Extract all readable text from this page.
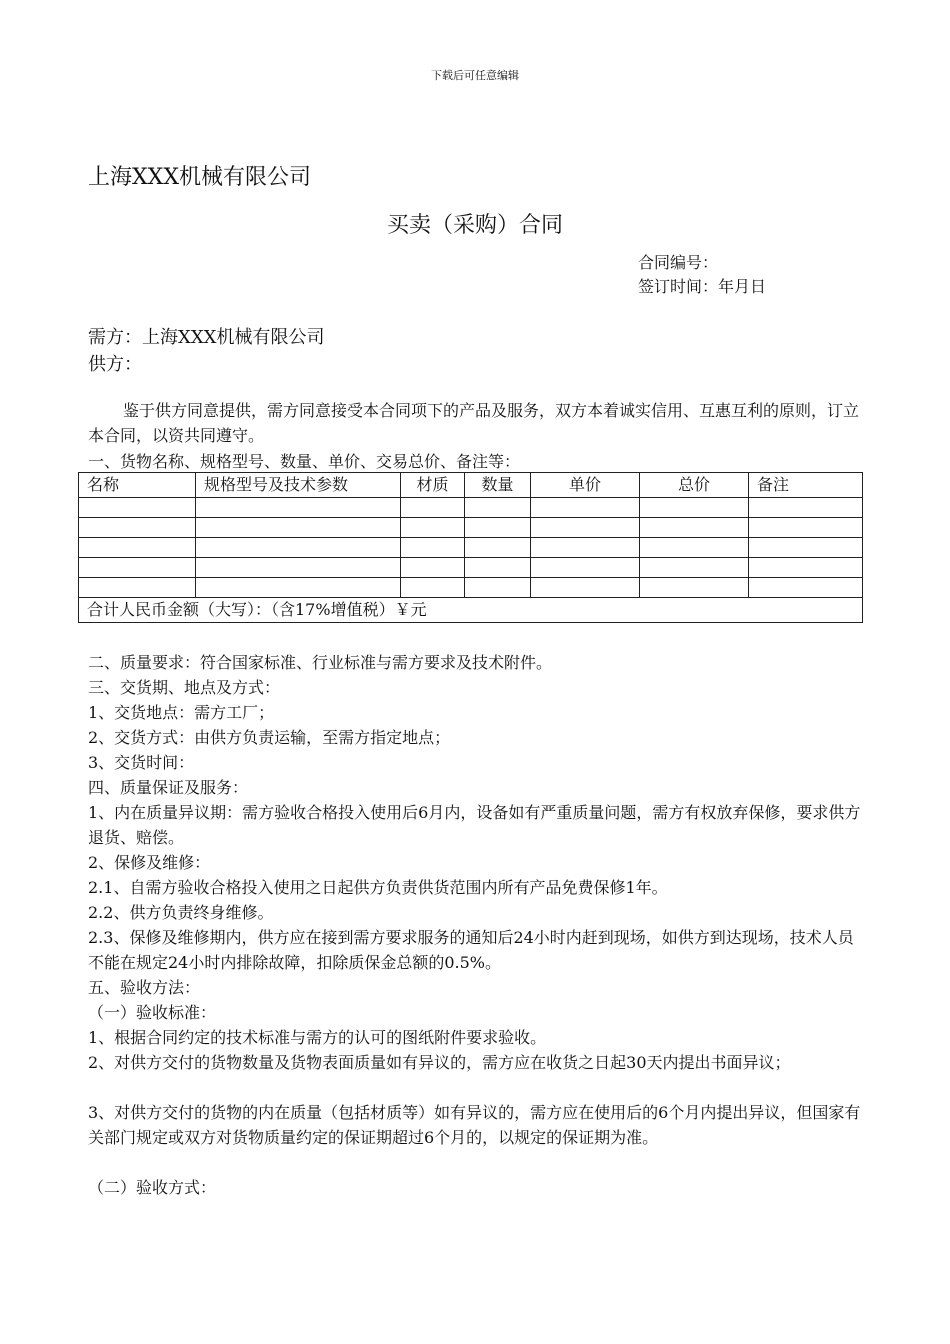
下载后可任意编辑
上海XXX机械有限公司
买卖（采购）合同
合同编号：
签订时间：年月日
需方：上海XXX机械有限公司
供方：
鉴于供方同意提供，需方同意接受本合同项下的产品及服务，双方本着诚实信用、互惠互利的原则，订立本合同，以资共同遵守。
一、货物名称、规格型号、数量、单价、交易总价、备注等：
名称	规格型号及技术参数	材质	数量	单价	总价	备注

合计人民币金额（大写）：（含17%增值税）￥元						
二、质量要求：符合国家标准、行业标准与需方要求及技术附件。
三、交货期、地点及方式：
1、交货地点：需方工厂；
2、交货方式：由供方负责运输，至需方指定地点；
3、交货时间：
四、质量保证及服务：
1、内在质量异议期：需方验收合格投入使用后6月内，设备如有严重质量问题，需方有权放弃保修，要求供方退货、赔偿。
2、保修及维修：
2.1、自需方验收合格投入使用之日起供方负责供货范围内所有产品免费保修1年。
2.2、供方负责终身维修。
2.3、保修及维修期内，供方应在接到需方要求服务的通知后24小时内赶到现场，如供方到达现场，技术人员不能在规定24小时内排除故障，扣除质保金总额的0.5%。
五、验收方法：
（一）验收标准：
1、根据合同约定的技术标准与需方的认可的图纸附件要求验收。
2、对供方交付的货物数量及货物表面质量如有异议的，需方应在收货之日起30天内提出书面异议；
3、对供方交付的货物的内在质量（包括材质等）如有异议的，需方应在使用后的6个月内提出异议，但国家有关部门规定或双方对货物质量约定的保证期超过6个月的，以规定的保证期为准。
（二）验收方式：
